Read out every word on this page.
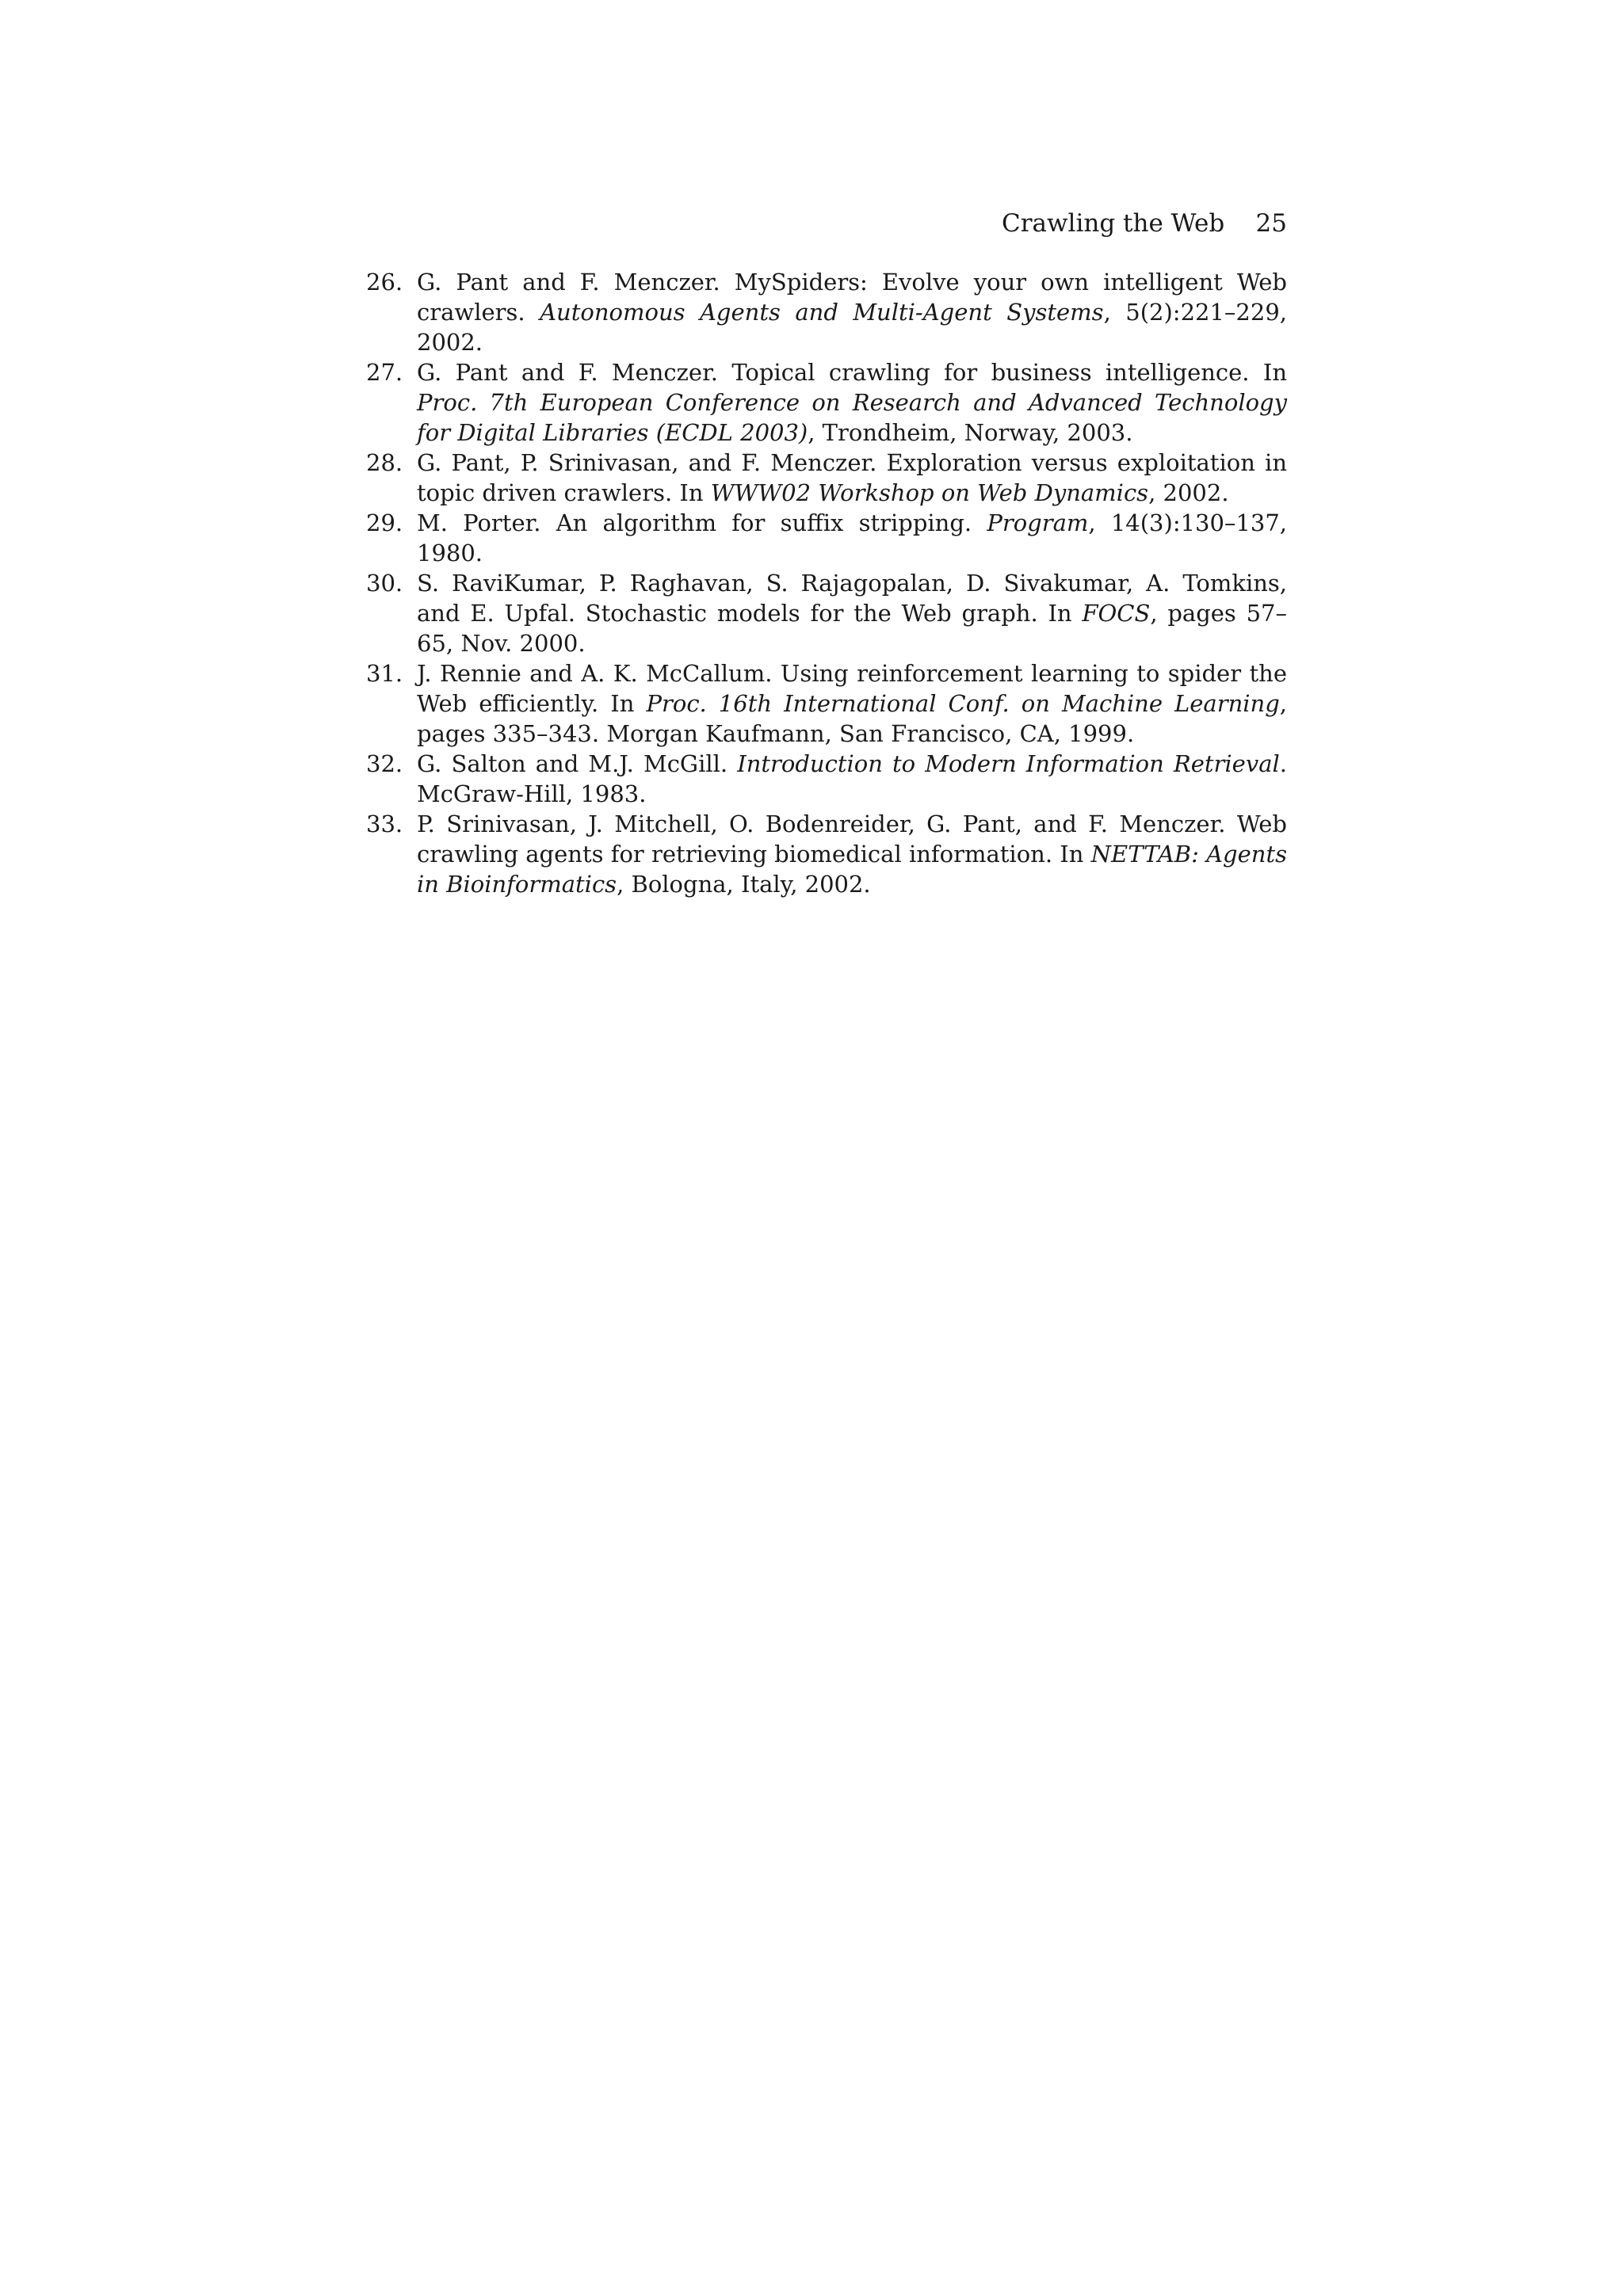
Crawling the Web 25
26. G. Pant and F. Menczer. MySpiders: Evolve your own intelligent Web crawlers. Autonomous Agents and Multi-Agent Systems, 5(2):221–229, 2002.
27. G. Pant and F. Menczer. Topical crawling for business intelligence. In Proc. 7th European Conference on Research and Advanced Technology for Digital Libraries (ECDL 2003), Trondheim, Norway, 2003.
28. G. Pant, P. Srinivasan, and F. Menczer. Exploration versus exploitation in topic driven crawlers. In WWW02 Workshop on Web Dynamics, 2002.
29. M. Porter. An algorithm for suffix stripping. Program, 14(3):130–137, 1980.
30. S. RaviKumar, P. Raghavan, S. Rajagopalan, D. Sivakumar, A. Tomkins, and E. Upfal. Stochastic models for the Web graph. In FOCS, pages 57–65, Nov. 2000.
31. J. Rennie and A. K. McCallum. Using reinforcement learning to spider the Web efficiently. In Proc. 16th International Conf. on Machine Learning, pages 335–343. Morgan Kaufmann, San Francisco, CA, 1999.
32. G. Salton and M.J. McGill. Introduction to Modern Information Retrieval. McGraw-Hill, 1983.
33. P. Srinivasan, J. Mitchell, O. Bodenreider, G. Pant, and F. Menczer. Web crawling agents for retrieving biomedical information. In NETTAB: Agents in Bioinformatics, Bologna, Italy, 2002.
